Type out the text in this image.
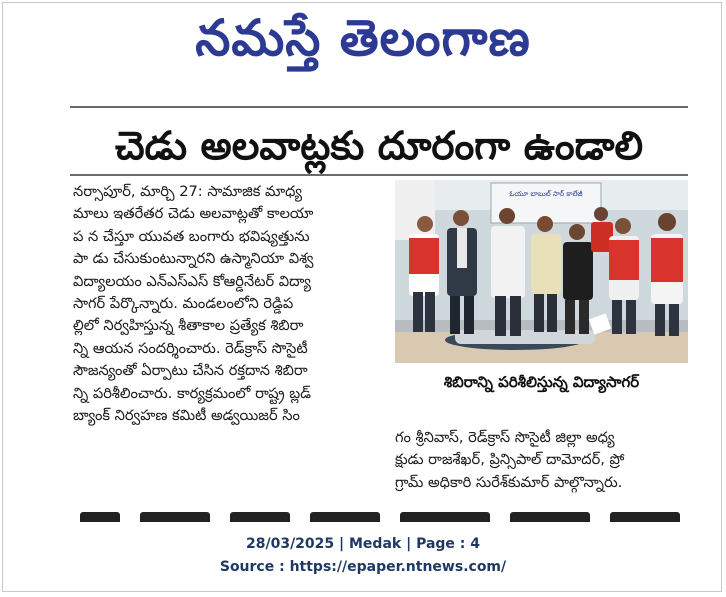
నమస్తే తెలంగాణ
చెడు అలవాట్లకు దూరంగా ఉండాలి
నర్సాపూర్, మార్చి 27: సామాజిక మాధ్య
మాలు ఇతరేతర చెడు అలవాట్లతో కాలయా
ప న చేస్తూ యువత బంగారు భవిష్యత్తును
పా డు చేసుకుంటున్నారని ఉస్మానియా విశ్వ
విద్యాలయం ఎన్ఎస్ఎస్ కోఆర్డినేటర్ విద్యా
సాగర్ పేర్కొన్నారు. మండలంలోని రెడ్డిప
ల్లిలో నిర్వహిస్తున్న శీతాకాల ప్రత్యేక శిబిరా
న్ని ఆయన సందర్శించారు. రెడ్‌క్రాస్ సొసైటీ
సౌజన్యంతో ఏర్పాటు చేసిన రక్తదాన శిబిరా
న్ని పరిశీలించారు. కార్యక్రమంలో రాష్ట్ర బ్లడ్
బ్యాంక్ నిర్వహణ కమిటీ అడ్వయిజర్ సిం
ఓయూ బాబుల్ సార్ కాలేజీ
శిబిరాన్ని పరిశీలిస్తున్న విద్యాసాగర్
గం శ్రీనివాస్, రెడ్‌క్రాస్ సొసైటీ జిల్లా అధ్య
క్షుడు రాజశేఖర్, ప్రిన్సిపాల్ దామోదర్, ప్రో
గ్రామ్ అధికారి సురేశ్‌కుమార్ పాల్గొన్నారు.
28/03/2025 | Medak | Page : 4
Source : https://epaper.ntnews.com/
